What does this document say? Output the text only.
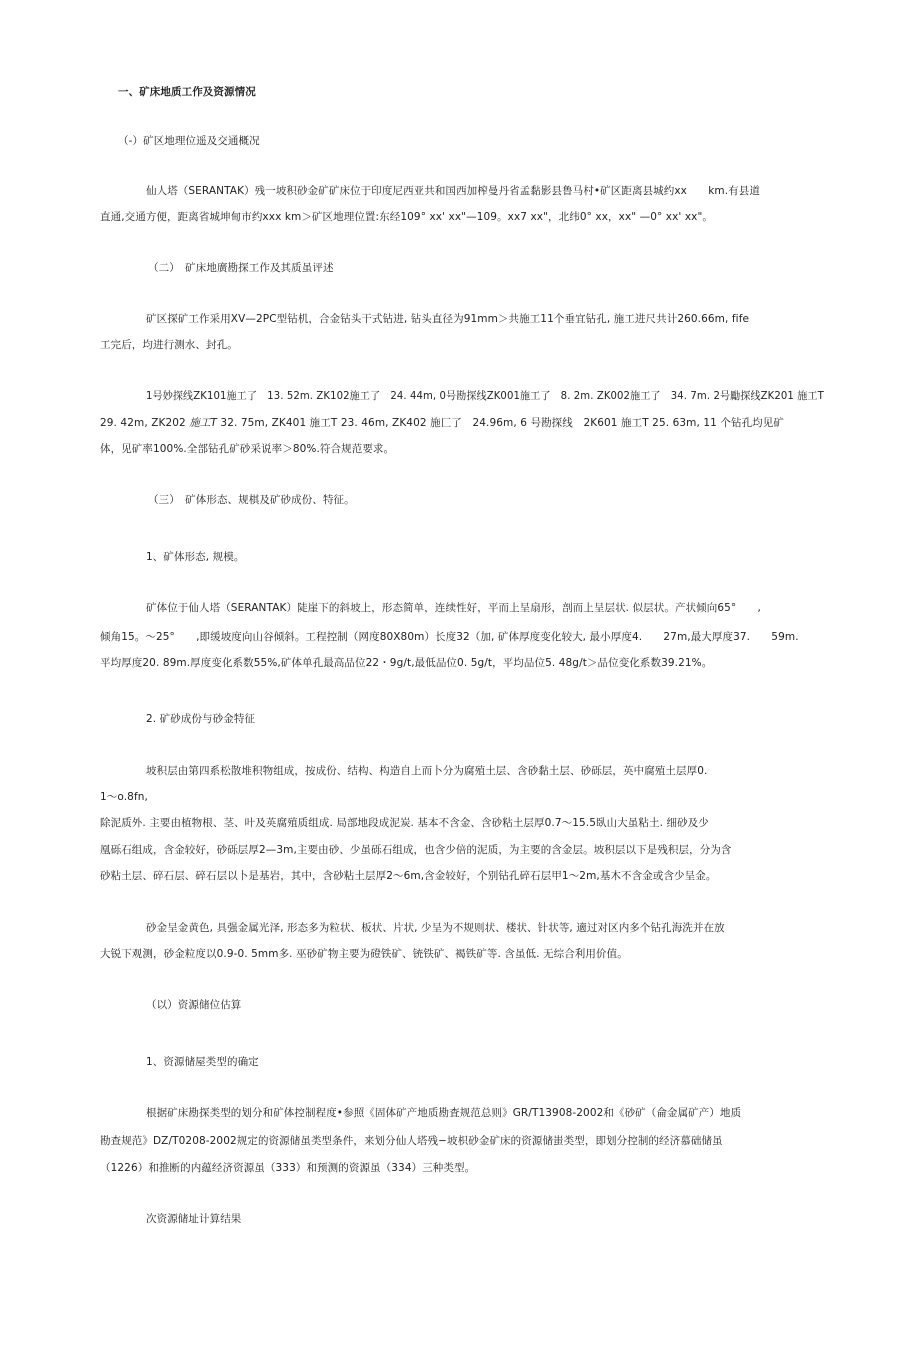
一、矿床地质工作及资源情况
（-）矿区地理位遥及交通概况
仙人塔（SERANTAK）残一坡积砂金矿矿床位于印度尼西亚共和国西加榨曼丹省孟黏影县鲁马村•矿区距离县城约xx　　km.有县道
直通,交通方便，距离省城坤甸市约xxx km＞矿区地理位置:东经109° xx' xx"—109。xx7 xx"，北纬0° xx，xx" —0° xx' xx"。
（二）　矿床地廣勘探工作及其质虽评述
矿区探矿工作采用XV—2PC型钻机，合金钻头干式钻进, 钻头直径为91mm＞共施工11个垂宜钻孔, 施工进尺共计260.66m, fife
工完后，均进行测水、封孔。
1号妙探线ZK101施工了　13. 52m. ZK102施工了　24. 44m, 0号勘探线ZK001施工了　8. 2m. ZK002施工了　34. 7m. 2号勵探线ZK201 施工T
29. 42m, ZK202 施工T 32. 75m, ZK401 施工T 23. 46m, ZK402 施匚了　24.96m, 6 号勘探线　2K601 施工T 25. 63m, 11 个钻孔均见矿
体，见矿率100%.全部钻孔矿砂采说率＞80%.符合规范要求。
（三）　矿体形态、规棋及矿砂成份、特征。
1、矿体形态, 规模。
矿体位于仙人塔（SERANTAK）陡崖下的斜坡上，形态简单，连续性好，平而上呈扇形，剖而上呈层状. 似层状。产状倾向65°　　,
倾角15。～25°　　,即缓坡度向山谷倾斜。工程控制（网度80X80m）长度32（加, 矿体厚度变化较大, 最小厚度4.　　27m,最大厚度37.　　59m.
平均厚度20. 89m.厚度变化系数55%,矿体单孔最高品位22・9g/t,最低品位0. 5g/t，平均品位5. 48g/t＞品位变化系数39.21%。
2. 矿砂成份与砂金特征
坡积层由第四系松散堆积物组成，按成份、结构、构造自上而卜分为腐殖土层、含砂黏土层、砂砾层，英中腐殖土层厚0.
1～o.8fn,
除泥质外. 主要由植物根、茎、叶及英腐殖质组成. 局部地段成泥炭. 基本不含金、含砂粘土层厚0.7～15.5臥山大虽粘土. 细砂及少
凰砾石组成，含金较好，砂砾层厚2—3m,主要由砂、少虽砾石组成，也含少倍的泥质，为主要的含金层。坡积层以下是残积层，分为含
砂粘土层、碎石层、碎石层以卜是基岩，其中，含砂粘土层厚2～6m,含金较好，个别钻孔碎石层甲1～2m,基木不含金或含少呈金。
砂金呈金黄色, 具强金属光泽, 形态多为粒状、板状、片状, 少呈为不规则状、楼状、针状等, 適过对区内多个钻孔海洗并在放
大锐下观测，砂金粒度以0.9-0. 5mm多. 巫砂矿物主要为磴铁矿、铳铁矿、褐铁矿等. 含虽低. 无综合利用价值。
（以）资源储位估算
1、资源储屋类型的确定
根据矿床勘探类型的划分和矿体控制程度•参照《固体矿产地质勘査规范总则》GR/T13908-2002和《砂矿（侖金属矿产）地质
勘查规范》DZ/T0208-2002规定的资源储虽类型条件，来划分仙人塔残−坡枳砂金矿床的资源储蚩类型，即划分控制的经济慕础储虽
（1226）和推断的内蕴经济资源虽（333）和预测的资源虽（334）三种类型。
次资源储址计算结果
